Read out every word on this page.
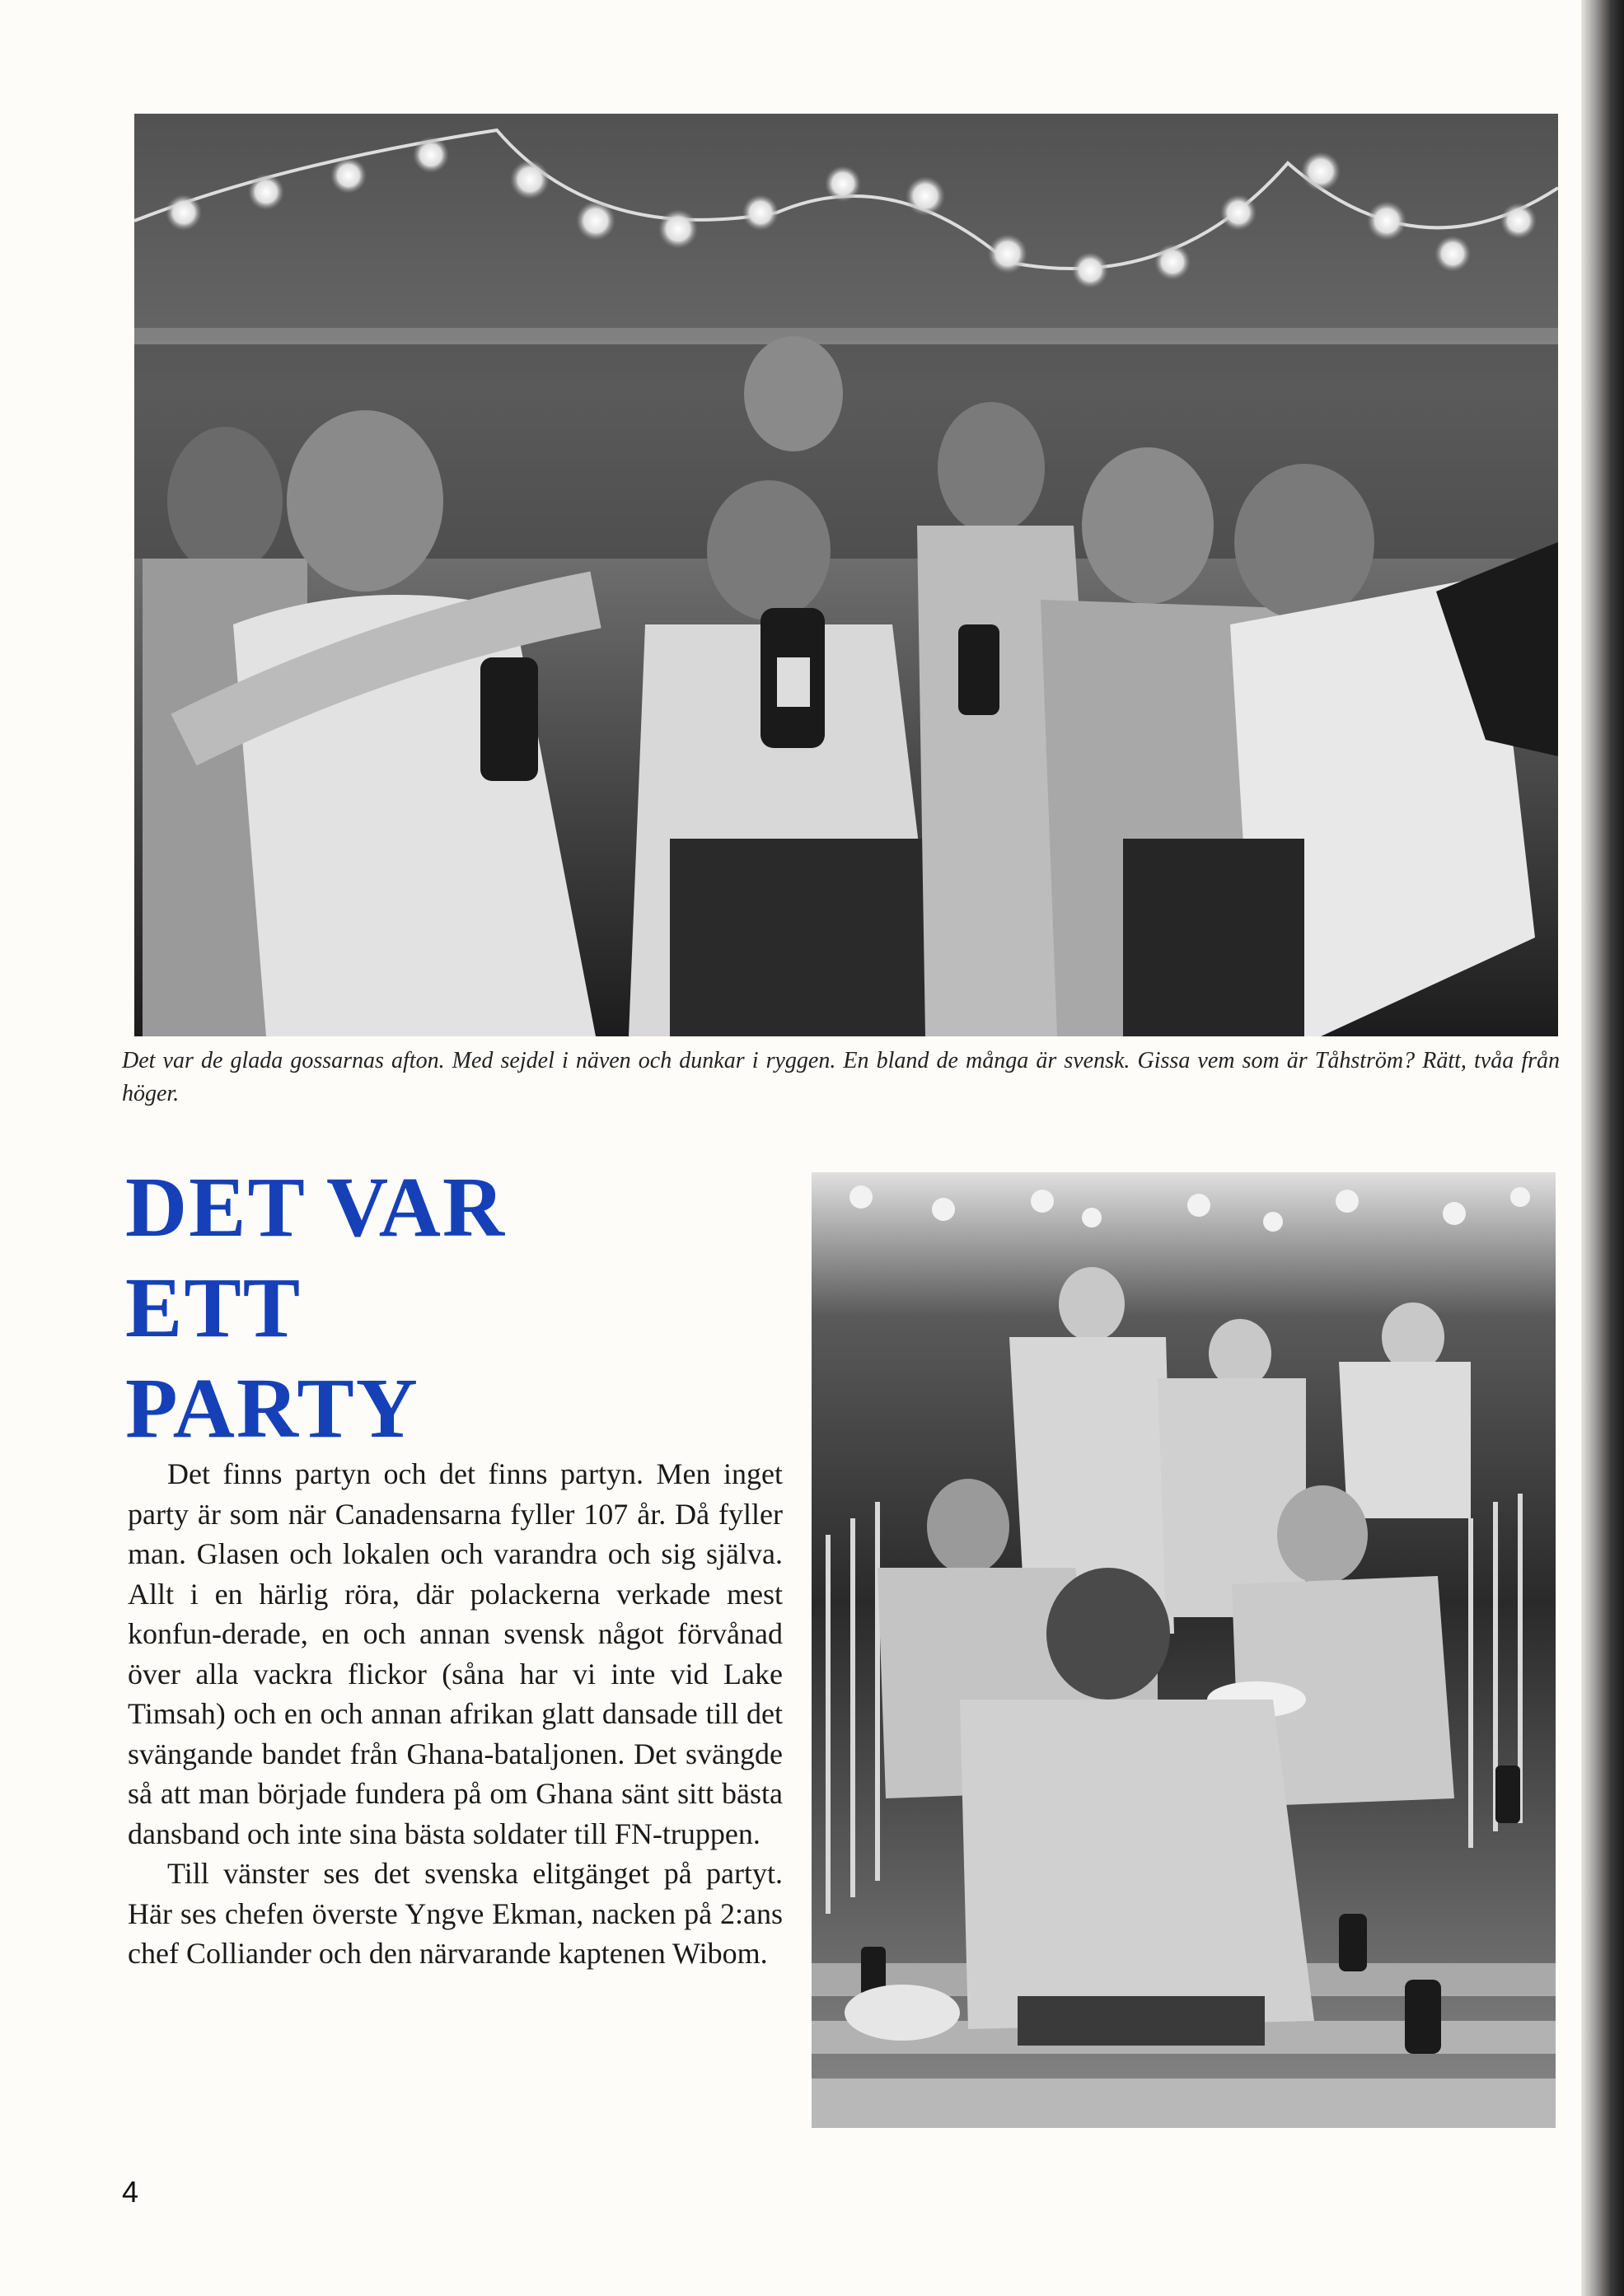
Det var de glada gossarnas afton. Med sejdel i näven och dunkar i ryggen. En bland de många är svensk. Gissa vem som är Tåhström? Rätt, tvåa från höger.
DET VAR
ETT
PARTY

Det finns partyn och det finns partyn. Men inget party är som när Canadensarna fyller 107 år. Då fyller man. Glasen och lokalen och varandra och sig själva. Allt i en härlig röra, där polackerna verkade mest konfun-derade, en och annan svensk något förvånad över alla vackra flickor (såna har vi inte vid Lake Timsah) och en och annan afrikan glatt dansade till det svängande bandet från Ghana-bataljonen. Det svängde så att man började fundera på om Ghana sänt sitt bästa dansband och inte sina bästa soldater till FN-truppen.

Till vänster ses det svenska elitgänget på partyt. Här ses chefen överste Yngve Ekman, nacken på 2:ans chef Colliander och den närvarande kaptenen Wibom.

4
